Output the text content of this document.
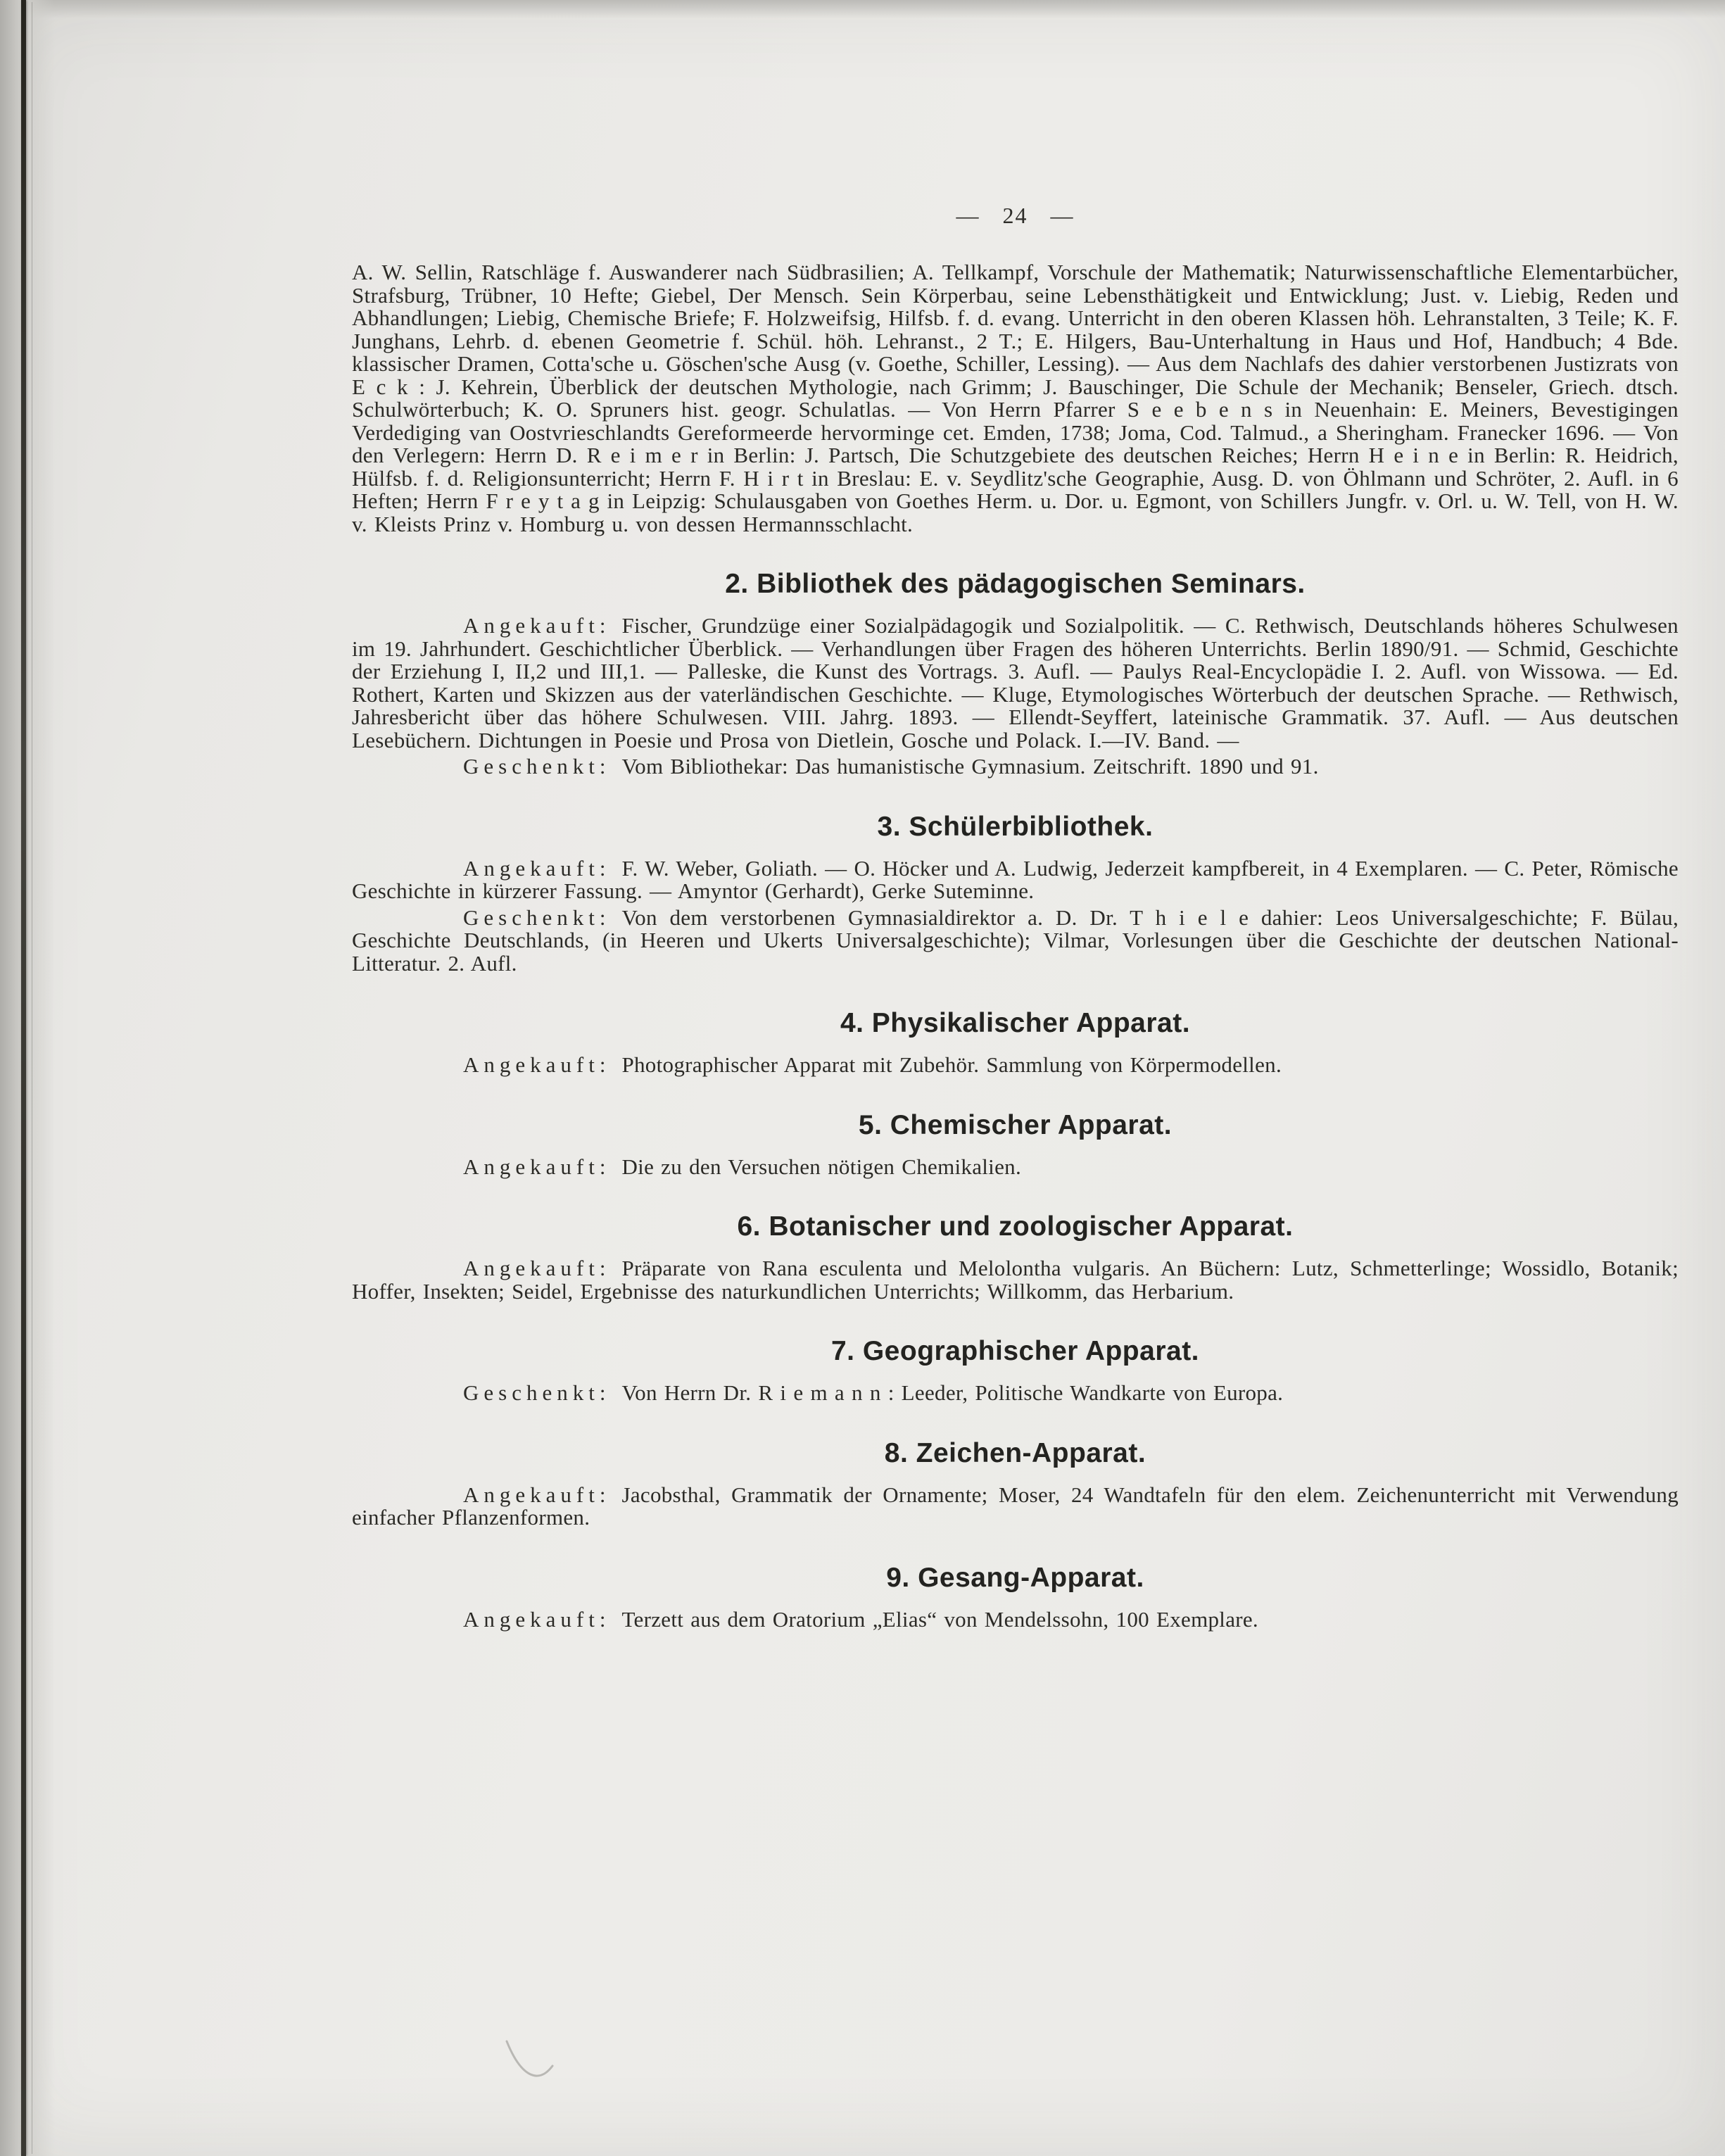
— 24 —

A. W. Sellin, Ratschläge f. Auswanderer nach Südbrasilien; A. Tellkampf, Vorschule der Mathematik; Naturwissenschaftliche Elementarbücher, Strafsburg, Trübner, 10 Hefte; Giebel, Der Mensch. Sein Körperbau, seine Lebensthätigkeit und Entwicklung; Just. v. Liebig, Reden und Abhandlungen; Liebig, Chemische Briefe; F. Holzweifsig, Hilfsb. f. d. evang. Unterricht in den oberen Klassen höh. Lehranstalten, 3 Teile; K. F. Junghans, Lehrb. d. ebenen Geometrie f. Schül. höh. Lehranst., 2 T.; E. Hilgers, Bau-Unterhaltung in Haus und Hof, Handbuch; 4 Bde. klassischer Dramen, Cotta'sche u. Göschen'sche Ausg (v. Goethe, Schiller, Lessing). — Aus dem Nachlafs des dahier verstorbenen Justizrats von E c k : J. Kehrein, Überblick der deutschen Mythologie, nach Grimm; J. Bauschinger, Die Schule der Mechanik; Benseler, Griech. dtsch. Schulwörterbuch; K. O. Spruners hist. geogr. Schulatlas. — Von Herrn Pfarrer S e e b e n s in Neuenhain: E. Meiners, Bevestigingen Verdediging van Oostvrieschlandts Gereformeerde hervorminge cet. Emden, 1738; Joma, Cod. Talmud., a Sheringham. Franecker 1696. — Von den Verlegern: Herrn D. R e i m e r in Berlin: J. Partsch, Die Schutzgebiete des deutschen Reiches; Herrn H e i n e in Berlin: R. Heidrich, Hülfsb. f. d. Religionsunterricht; Herrn F. H i r t in Breslau: E. v. Seydlitz'sche Geographie, Ausg. D. von Öhlmann und Schröter, 2. Aufl. in 6 Heften; Herrn F r e y t a g in Leipzig: Schulausgaben von Goethes Herm. u. Dor. u. Egmont, von Schillers Jungfr. v. Orl. u. W. Tell, von H. W. v. Kleists Prinz v. Homburg u. von dessen Hermannsschlacht.

2. Bibliothek des pädagogischen Seminars.

Angekauft: Fischer, Grundzüge einer Sozialpädagogik und Sozialpolitik. — C. Rethwisch, Deutschlands höheres Schulwesen im 19. Jahrhundert. Geschichtlicher Überblick. — Verhandlungen über Fragen des höheren Unterrichts. Berlin 1890/91. — Schmid, Geschichte der Erziehung I, II,2 und III,1. — Palleske, die Kunst des Vortrags. 3. Aufl. — Paulys Real-Encyclopädie I. 2. Aufl. von Wissowa. — Ed. Rothert, Karten und Skizzen aus der vaterländischen Geschichte. — Kluge, Etymologisches Wörterbuch der deutschen Sprache. — Rethwisch, Jahresbericht über das höhere Schulwesen. VIII. Jahrg. 1893. — Ellendt-Seyffert, lateinische Grammatik. 37. Aufl. — Aus deutschen Lesebüchern. Dichtungen in Poesie und Prosa von Dietlein, Gosche und Polack. I.—IV. Band. —

Geschenkt: Vom Bibliothekar: Das humanistische Gymnasium. Zeitschrift. 1890 und 91.

3. Schülerbibliothek.

Angekauft: F. W. Weber, Goliath. — O. Höcker und A. Ludwig, Jederzeit kampfbereit, in 4 Exemplaren. — C. Peter, Römische Geschichte in kürzerer Fassung. — Amyntor (Gerhardt), Gerke Suteminne.

Geschenkt: Von dem verstorbenen Gymnasialdirektor a. D. Dr. T h i e l e dahier: Leos Universalgeschichte; F. Bülau, Geschichte Deutschlands, (in Heeren und Ukerts Universalgeschichte); Vilmar, Vorlesungen über die Geschichte der deutschen National-Litteratur. 2. Aufl.

4. Physikalischer Apparat.

Angekauft: Photographischer Apparat mit Zubehör. Sammlung von Körpermodellen.

5. Chemischer Apparat.

Angekauft: Die zu den Versuchen nötigen Chemikalien.

6. Botanischer und zoologischer Apparat.

Angekauft: Präparate von Rana esculenta und Melolontha vulgaris. An Büchern: Lutz, Schmetterlinge; Wossidlo, Botanik; Hoffer, Insekten; Seidel, Ergebnisse des naturkundlichen Unterrichts; Willkomm, das Herbarium.

7. Geographischer Apparat.

Geschenkt: Von Herrn Dr. R i e m a n n : Leeder, Politische Wandkarte von Europa.

8. Zeichen-Apparat.

Angekauft: Jacobsthal, Grammatik der Ornamente; Moser, 24 Wandtafeln für den elem. Zeichenunterricht mit Verwendung einfacher Pflanzenformen.

9. Gesang-Apparat.

Angekauft: Terzett aus dem Oratorium „Elias“ von Mendelssohn, 100 Exemplare.
